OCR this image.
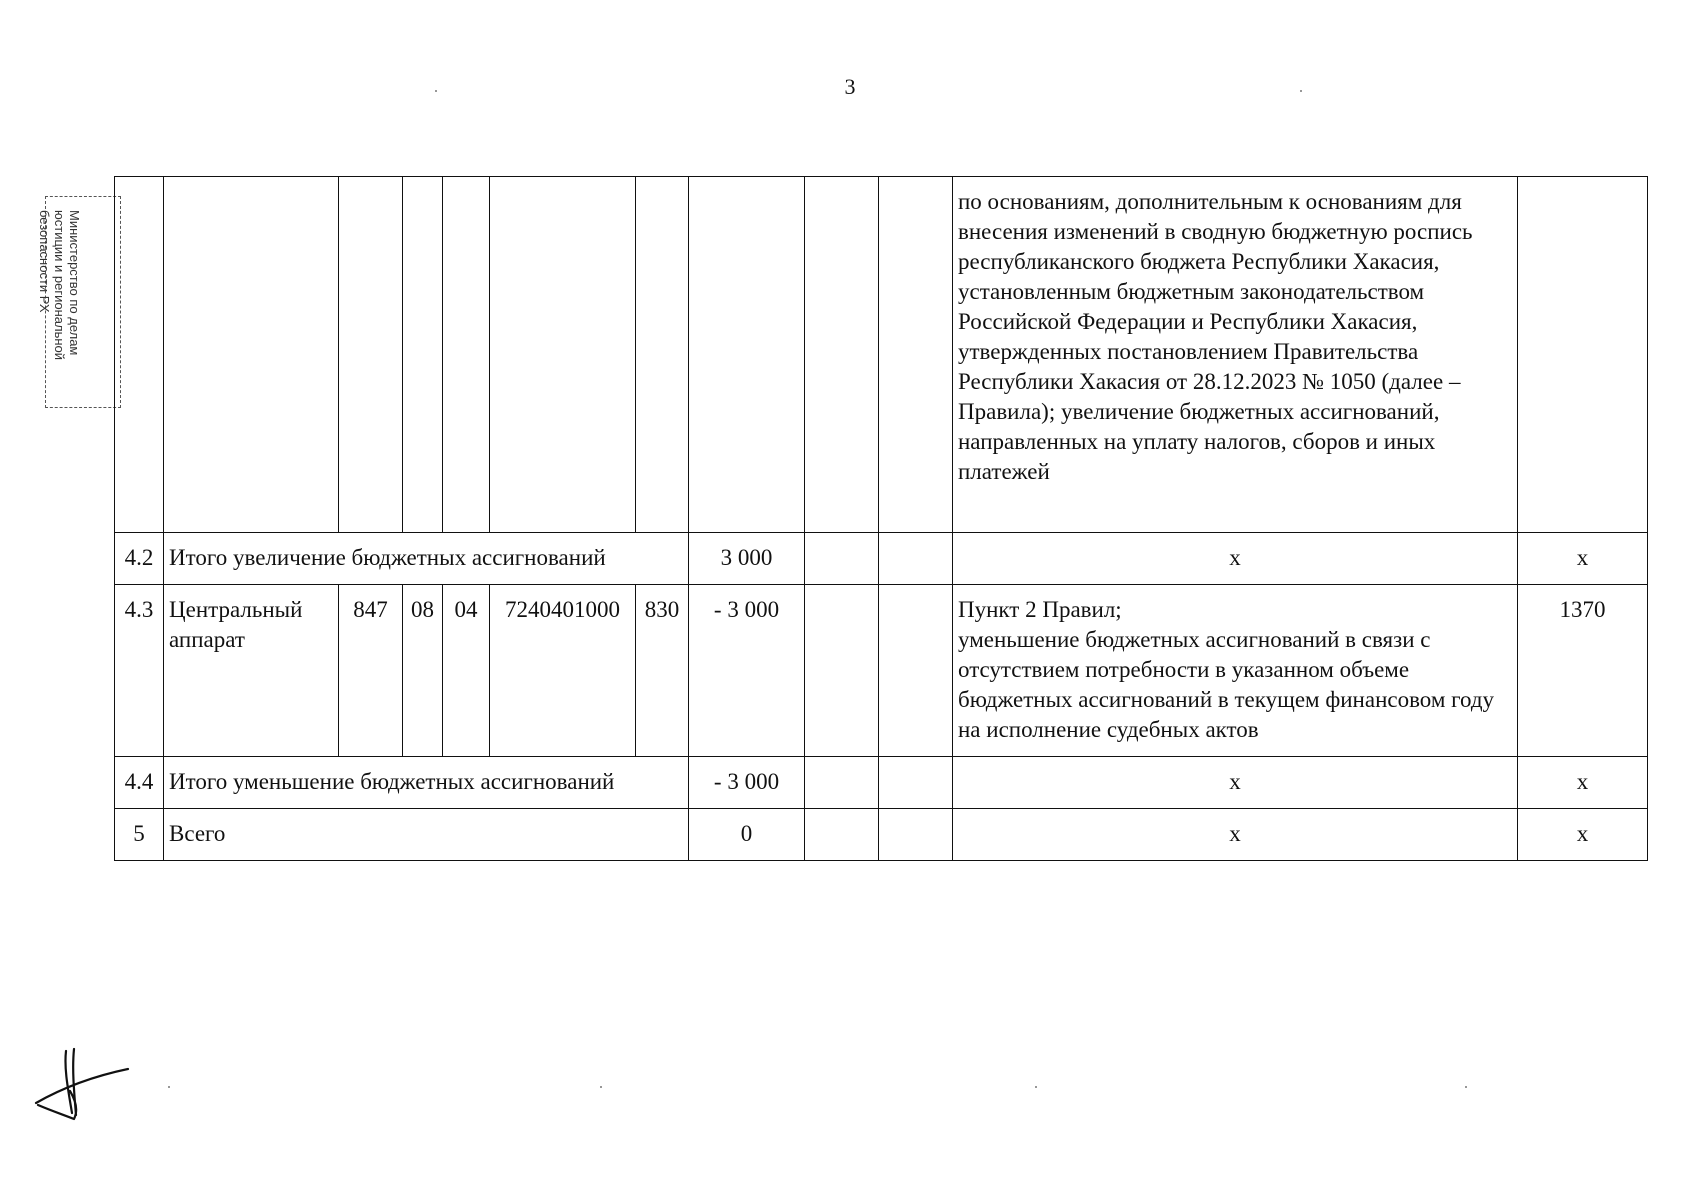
3
Министерство по делам
юстиции и региональной
безопасности РХ
										по основаниям, дополнительным к основаниям для внесения изменений в сводную бюджетную роспись республиканского бюджета Республики Хакасия, установленным бюджетным законодательством Российской Федерации и Республики Хакасия, утвержденных постановлением Правительства Республики Хакасия от 28.12.2023 № 1050 (далее – Правила); увеличение бюджетных ассигнований, направленных на уплату налогов, сборов и иных платежей	
4.2	Итого увеличение бюджетных ассигнований						3 000			х	х
4.3	Центральный аппарат	847	08	04	7240401000	830	- 3 000			Пункт 2 Правил;

уменьшение бюджетных ассигнований в связи с отсутствием потребности в указанном объеме бюджетных ассигнований в текущем финансовом году на исполнение судебных актов	1370
4.4	Итого уменьшение бюджетных ассигнований						- 3 000			х	х
5	Всего						0			х	х
